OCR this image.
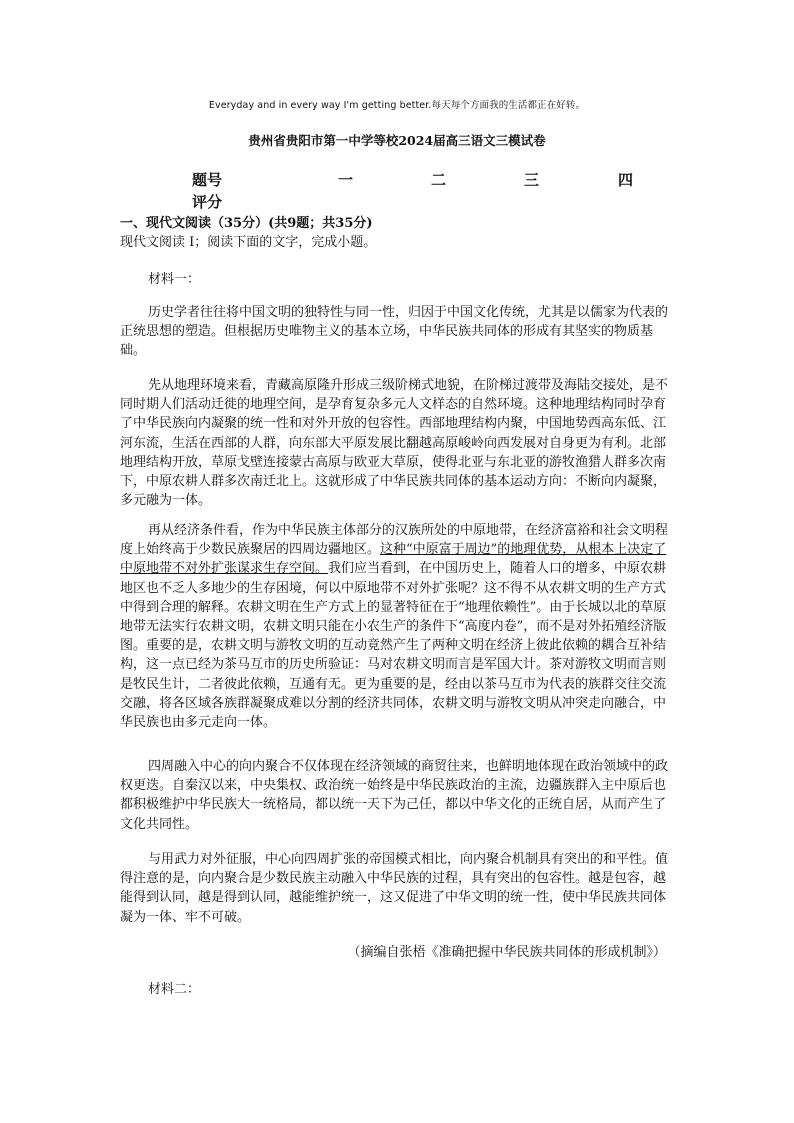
Everyday and in every way I'm getting better.每天每个方面我的生活都正在好转。
贵州省贵阳市第一中学等校2024届高三语文三模试卷
题号	一	二	三	四
评分
一、现代文阅读（35分）(共9题；共35分)
现代文阅读 I；阅读下面的文字，完成小题。
材料一：

历史学者往往将中国文明的独特性与同一性，归因于中国文化传统，尤其是以儒家为代表的正统思想的塑造。但根据历史唯物主义的基本立场，中华民族共同体的形成有其坚实的物质基础。

先从地理环境来看，青藏高原隆升形成三级阶梯式地貌，在阶梯过渡带及海陆交接处，是不同时期人们活动迁徙的地理空间，是孕育复杂多元人文样态的自然环境。这种地理结构同时孕育了中华民族向内凝聚的统一性和对外开放的包容性。西部地理结构内聚，中国地势西高东低、江河东流，生活在西部的人群，向东部大平原发展比翻越高原峻岭向西发展对自身更为有利。北部地理结构开放，草原戈壁连接蒙古高原与欧亚大草原，使得北亚与东北亚的游牧渔猎人群多次南下，中原农耕人群多次南迁北上。这就形成了中华民族共同体的基本运动方向：不断向内凝聚，多元融为一体。

再从经济条件看，作为中华民族主体部分的汉族所处的中原地带，在经济富裕和社会文明程度上始终高于少数民族聚居的四周边疆地区。这种“中原富于周边”的地理优势，从根本上决定了中原地带不对外扩张谋求生存空间。我们应当看到，在中国历史上，随着人口的增多，中原农耕地区也不乏人多地少的生存困境，何以中原地带不对外扩张呢？这不得不从农耕文明的生产方式中得到合理的解释。农耕文明在生产方式上的显著特征在于“地理依赖性”。由于长城以北的草原地带无法实行农耕文明，农耕文明只能在小农生产的条件下“高度内卷”，而不是对外拓殖经济版图。重要的是，农耕文明与游牧文明的互动竟然产生了两种文明在经济上彼此依赖的耦合互补结构，这一点已经为茶马互市的历史所验证：马对农耕文明而言是军国大计。茶对游牧文明而言则是牧民生计，二者彼此依赖，互通有无。更为重要的是，经由以茶马互市为代表的族群交往交流交融，将各区域各族群凝聚成难以分割的经济共同体，农耕文明与游牧文明从冲突走向融合，中华民族也由多元走向一体。

四周融入中心的向内聚合不仅体现在经济领域的商贸往来，也鲜明地体现在政治领域中的政权更迭。自秦汉以来，中央集权、政治统一始终是中华民族政治的主流，边疆族群入主中原后也都积极维护中华民族大一统格局，都以统一天下为己任，都以中华文化的正统自居，从而产生了文化共同性。

与用武力对外征服，中心向四周扩张的帝国模式相比，向内聚合机制具有突出的和平性。值得注意的是，向内聚合是少数民族主动融入中华民族的过程，具有突出的包容性。越是包容，越能得到认同，越是得到认同，越能维护统一，这又促进了中华文明的统一性，使中华民族共同体凝为一体、牢不可破。

（摘编自张梧《准确把握中华民族共同体的形成机制》）
材料二：
